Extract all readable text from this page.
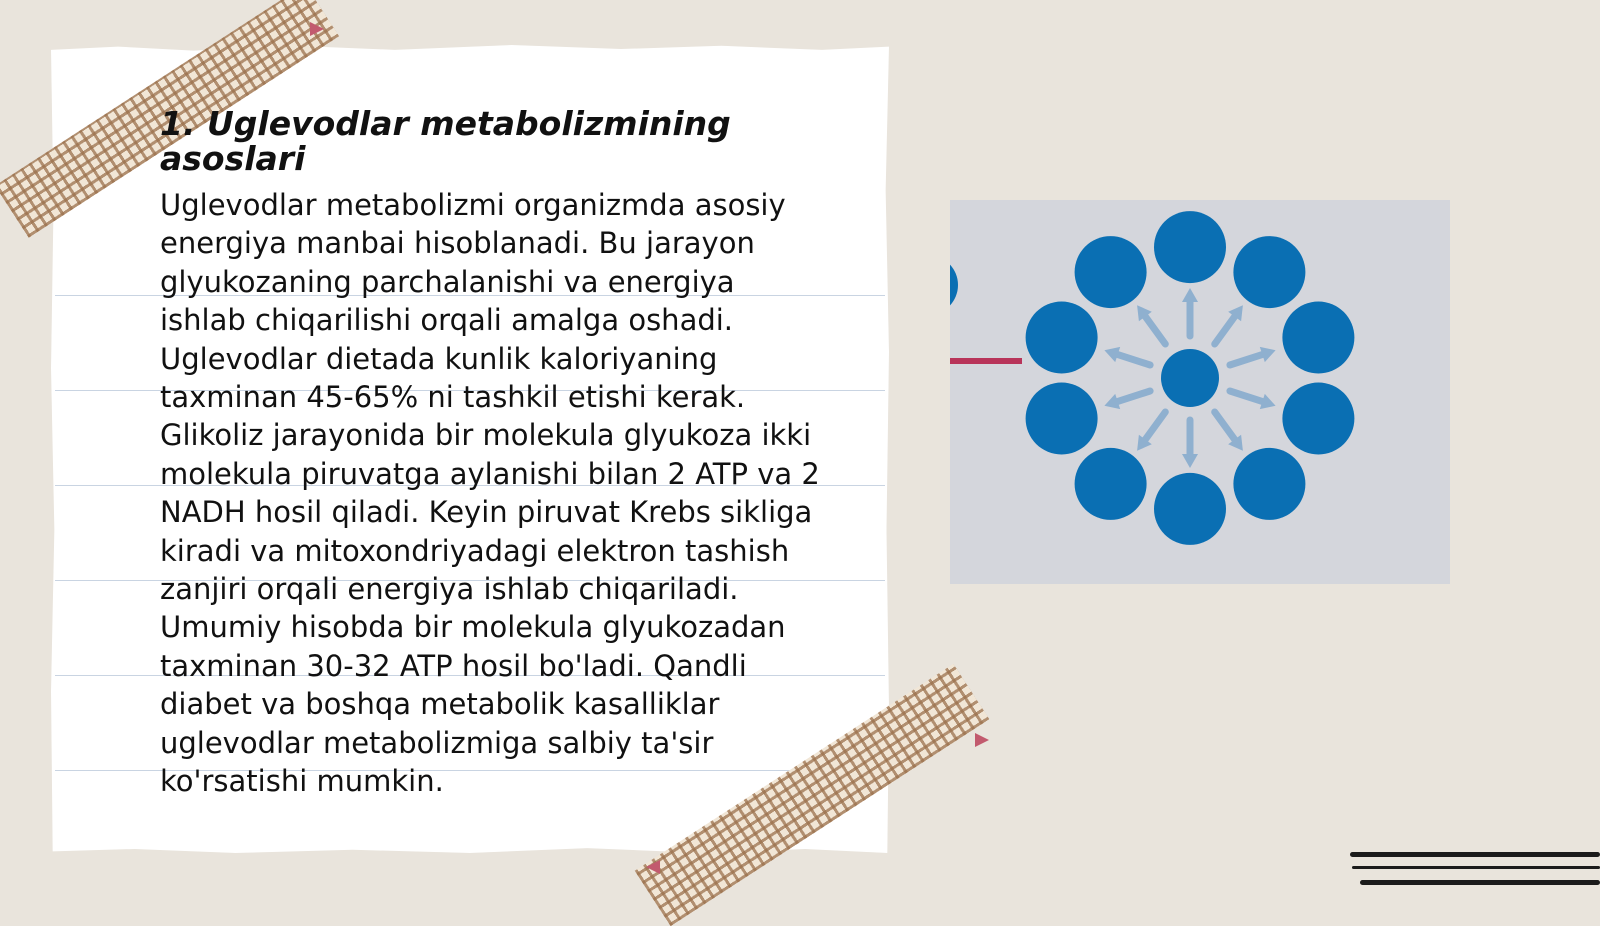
1. Uglevodlar metabolizmining asoslari
Uglevodlar metabolizmi organizmda asosiy
energiya manbai hisoblanadi. Bu jarayon
glyukozaning parchalanishi va energiya
ishlab chiqarilishi orqali amalga oshadi.
Uglevodlar dietada kunlik kaloriyaning
taxminan 45-65% ni tashkil etishi kerak.
Glikoliz jarayonida bir molekula glyukoza ikki
molekula piruvatga aylanishi bilan 2 ATP va 2
NADH hosil qiladi. Keyin piruvat Krebs sikliga
kiradi va mitoxondriyadagi elektron tashish
zanjiri orqali energiya ishlab chiqariladi.
Umumiy hisobda bir molekula glyukozadan
taxminan 30-32 ATP hosil bo'ladi. Qandli
diabet va boshqa metabolik kasalliklar
uglevodlar metabolizmiga salbiy ta'sir
ko'rsatishi mumkin.
